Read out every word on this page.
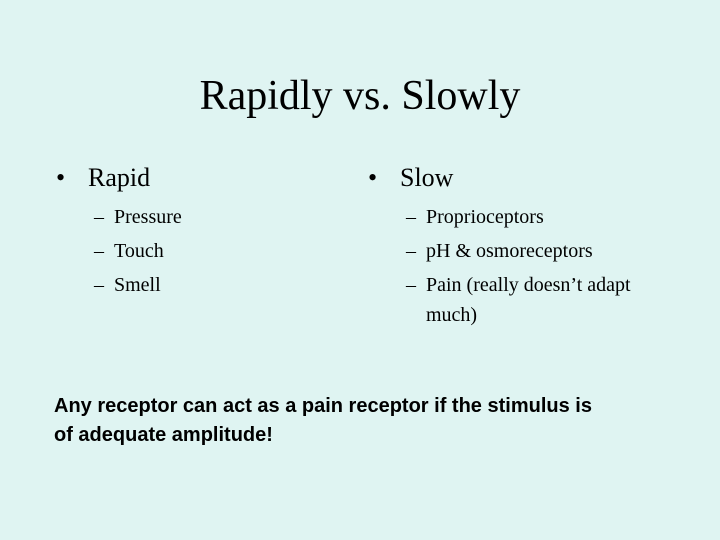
Rapidly vs. Slowly
• Rapid
– Pressure
– Touch
– Smell
• Slow
– Proprioceptors
– pH & osmoreceptors
– Pain (really doesn’t adapt much)
Any receptor can act as a pain receptor if the stimulus is of adequate amplitude!
